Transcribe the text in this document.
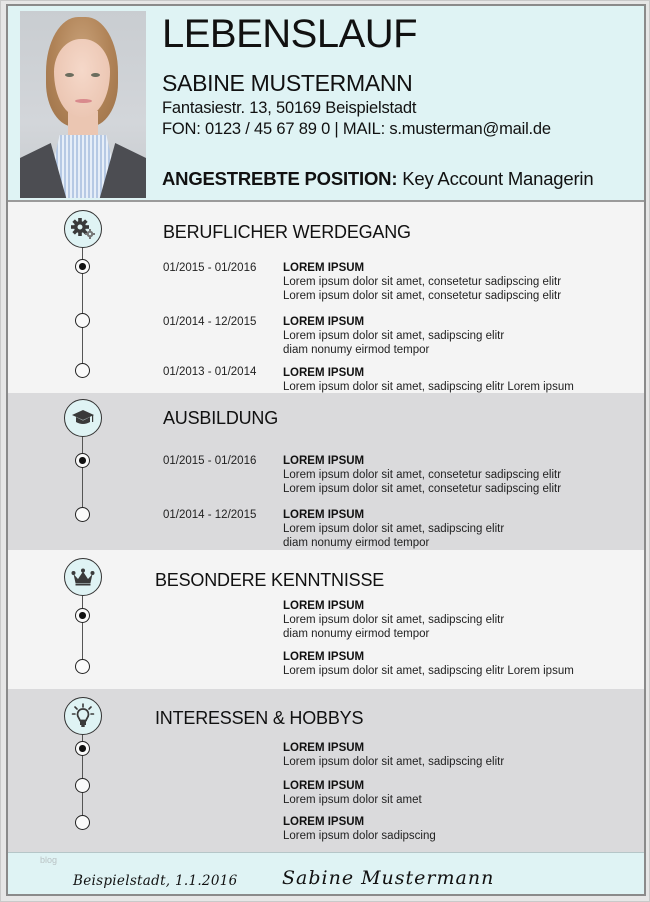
LEBENSLAUF
SABINE MUSTERMANN
Fantasiestr. 13, 50169 Beispielstadt
FON: 0123 / 45 67 89 0 | MAIL: s.musterman@mail.de
ANGESTREBTE POSITION: Key Account Managerin
BERUFLICHER WERDEGANG
01/2015 - 01/2016 LOREM IPSUM
Lorem ipsum dolor sit amet, consetetur sadipscing elitr
Lorem ipsum dolor sit amet, consetetur sadipscing elitr
01/2014 - 12/2015 LOREM IPSUM
Lorem ipsum dolor sit amet, sadipscing elitr
diam nonumy eirmod tempor
01/2013 - 01/2014 LOREM IPSUM
Lorem ipsum dolor sit amet, sadipscing elitr Lorem ipsum
AUSBILDUNG
01/2015 - 01/2016 LOREM IPSUM
Lorem ipsum dolor sit amet, consetetur sadipscing elitr
Lorem ipsum dolor sit amet, consetetur sadipscing elitr
01/2014 - 12/2015 LOREM IPSUM
Lorem ipsum dolor sit amet, sadipscing elitr
diam nonumy eirmod tempor
BESONDERE KENNTNISSE
LOREM IPSUM
Lorem ipsum dolor sit amet, sadipscing elitr
diam nonumy eirmod tempor
LOREM IPSUM
Lorem ipsum dolor sit amet, sadipscing elitr Lorem ipsum
INTERESSEN & HOBBYS
LOREM IPSUM
Lorem ipsum dolor sit amet, sadipscing elitr
LOREM IPSUM
Lorem ipsum dolor sit amet
LOREM IPSUM
Lorem ipsum dolor sadipscing
blog
Beispielstadt, 1.1.2016 Sabine Mustermann
